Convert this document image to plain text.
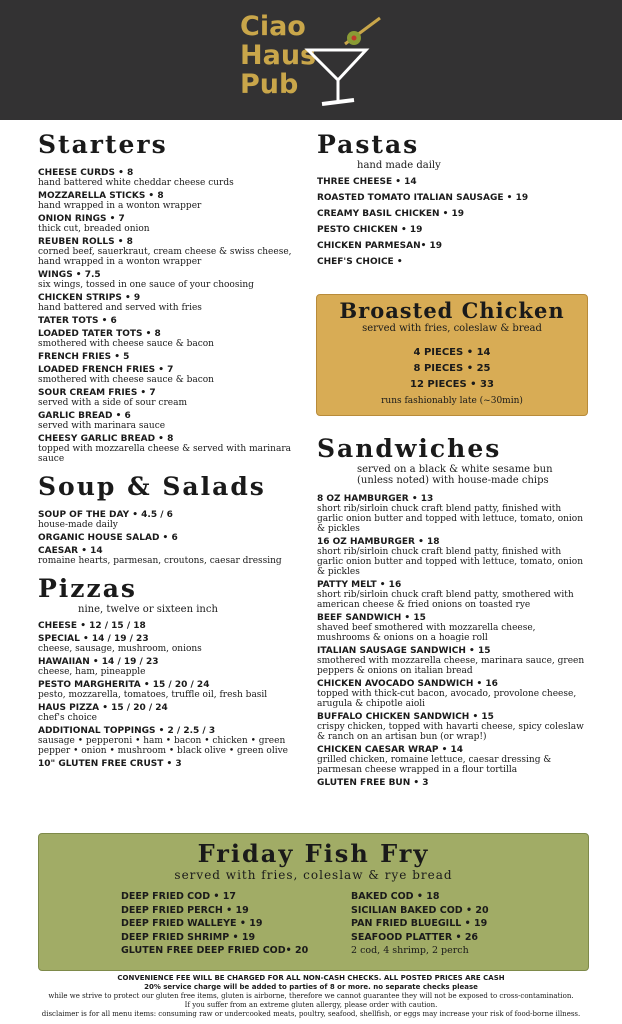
Ciao
Haus
Pub
Starters
CHEESE CURDS • 8
hand battered white cheddar cheese curds
MOZZARELLA STICKS • 8
hand wrapped in a wonton wrapper
ONION RINGS • 7
thick cut, breaded onion
REUBEN ROLLS • 8
corned beef, sauerkraut, cream cheese & swiss cheese, hand wrapped in a wonton wrapper
WINGS • 7.5
six wings, tossed in one sauce of your choosing
CHICKEN STRIPS • 9
hand battered and served with fries
TATER TOTS • 6
LOADED TATER TOTS • 8
smothered with cheese sauce & bacon
FRENCH FRIES • 5
LOADED FRENCH FRIES • 7
smothered with cheese sauce & bacon
SOUR CREAM FRIES • 7
served with a side of sour cream
GARLIC BREAD • 6
served with marinara sauce
CHEESY GARLIC BREAD • 8
topped with mozzarella cheese & served with marinara sauce
Soup & Salads
SOUP OF THE DAY • 4.5 / 6
house-made daily
ORGANIC HOUSE SALAD • 6
CAESAR • 14
romaine hearts, parmesan, croutons, caesar dressing
Pizzas

nine, twelve or sixteen inch

CHEESE • 12 / 15 / 18
SPECIAL • 14 / 19 / 23
cheese, sausage, mushroom, onions
HAWAIIAN • 14 / 19 / 23
cheese, ham, pineapple
PESTO MARGHERITA • 15 / 20 / 24
pesto, mozzarella, tomatoes, truffle oil, fresh basil
HAUS PIZZA • 15 / 20 / 24
chef's choice
ADDITIONAL TOPPINGS • 2 / 2.5 / 3
sausage • pepperoni • ham • bacon • chicken • green pepper • onion • mushroom • black olive • green olive
10" GLUTEN FREE CRUST • 3
Pastas

hand made daily

THREE CHEESE • 14
ROASTED TOMATO ITALIAN SAUSAGE • 19
CREAMY BASIL CHICKEN • 19
PESTO CHICKEN • 19
CHICKEN PARMESAN• 19
CHEF'S CHOICE •
Broasted Chicken
served with fries, coleslaw & bread
4 PIECES • 14
8 PIECES • 25
12 PIECES • 33
runs fashionably late (~30min)
Sandwiches

served on a black & white sesame bun

(unless noted) with house-made chips

8 OZ HAMBURGER • 13
short rib/sirloin chuck craft blend patty, finished with garlic onion butter and topped with lettuce, tomato, onion & pickles
16 OZ HAMBURGER • 18
short rib/sirloin chuck craft blend patty, finished with garlic onion butter and topped with lettuce, tomato, onion & pickles
PATTY MELT • 16
short rib/sirloin chuck craft blend patty, smothered with american cheese & fried onions on toasted rye
BEEF SANDWICH • 15
shaved beef smothered with mozzarella cheese, mushrooms & onions on a hoagie roll
ITALIAN SAUSAGE SANDWICH • 15
smothered with mozzarella cheese, marinara sauce, green peppers & onions on italian bread
CHICKEN AVOCADO SANDWICH • 16
topped with thick-cut bacon, avocado, provolone cheese, arugula & chipotle aioli
BUFFALO CHICKEN SANDWICH • 15
crispy chicken, topped with havarti cheese, spicy coleslaw & ranch on an artisan bun (or wrap!)
CHICKEN CAESAR WRAP • 14
grilled chicken, romaine lettuce, caesar dressing & parmesan cheese wrapped in a flour tortilla
GLUTEN FREE BUN • 3
Friday Fish Fry
served with fries, coleslaw & rye bread
DEEP FRIED COD • 17
DEEP FRIED PERCH • 19
DEEP FRIED WALLEYE • 19
DEEP FRIED SHRIMP • 19
GLUTEN FREE DEEP FRIED COD• 20
BAKED COD • 18
SICILIAN BAKED COD • 20
PAN FRIED BLUEGILL • 19
SEAFOOD PLATTER • 26
2 cod, 4 shrimp, 2 perch
CONVENIENCE FEE WILL BE CHARGED FOR ALL NON-CASH CHECKS. ALL POSTED PRICES ARE CASH
20% service charge will be added to parties of 8 or more. no separate checks please
while we strive to protect our gluten free items, gluten is airborne, therefore we cannot guarantee they will not be exposed to cross-contamination.
If you suffer from an extreme gluten allergy, please order with caution.
disclaimer is for all menu items: consuming raw or undercooked meats, poultry, seafood, shellfish, or eggs may increase your risk of food-borne illness.
